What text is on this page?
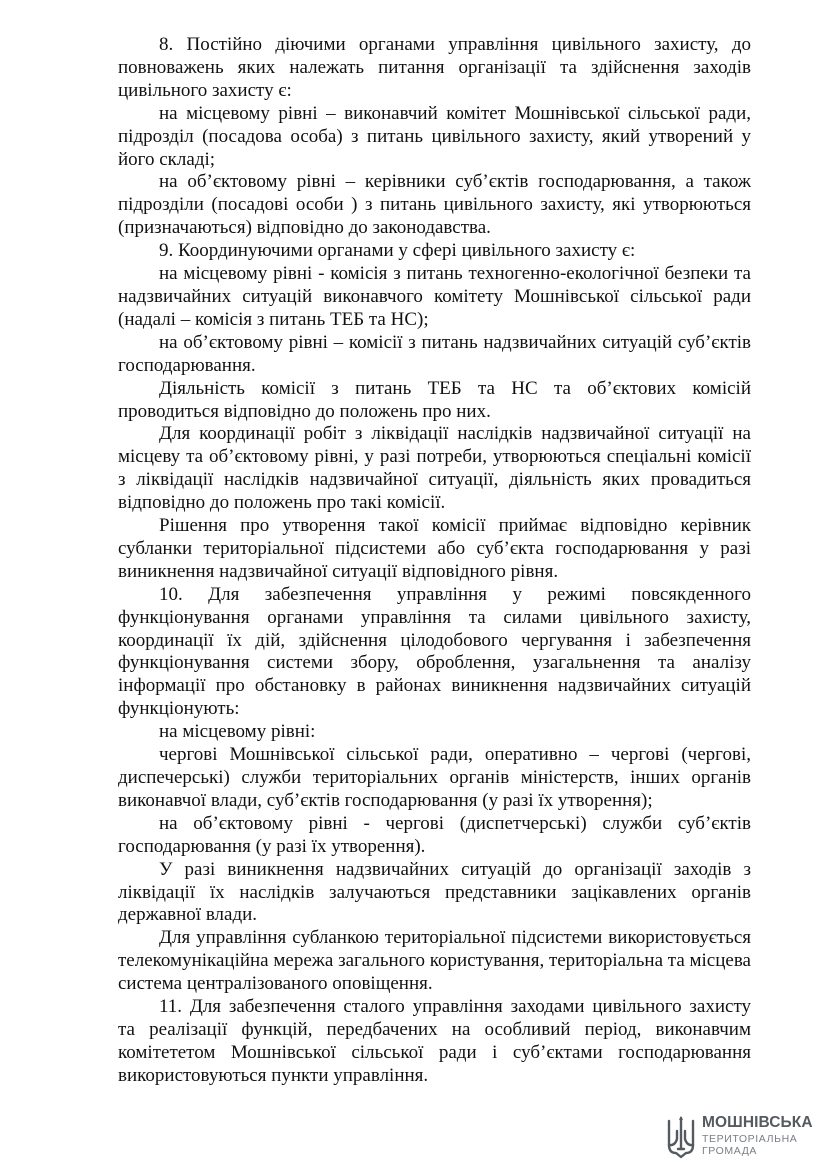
8. Постійно діючими органами управління цивільного захисту, до повноважень яких належать питання організації та здійснення заходів цивільного захисту є:

на місцевому рівні – виконавчий комітет Мошнівської сільської ради, підрозділ (посадова особа) з питань цивільного захисту, який утворений у його складі;

на об’єктовому рівні – керівники суб’єктів господарювання, а також підрозділи (посадові особи ) з питань цивільного захисту, які утворюються (призначаються) відповідно до законодавства.

9. Координуючими органами у сфері цивільного захисту є:

на місцевому рівні - комісія з питань техногенно-екологічної безпеки та надзвичайних ситуацій виконавчого комітету Мошнівської сільської ради (надалі – комісія з питань ТЕБ та НС);

на об’єктовому рівні – комісії з питань надзвичайних ситуацій суб’єктів господарювання.

Діяльність комісії з питань ТЕБ та НС та об’єктових комісій проводиться відповідно до положень про них.

Для координації робіт з ліквідації наслідків надзвичайної ситуації на місцеву та об’єктовому рівні, у разі потреби, утворюються спеціальні комісії з ліквідації наслідків надзвичайної ситуації, діяльність яких провадиться відповідно до положень про такі комісії.

Рішення про утворення такої комісії приймає відповідно керівник субланки територіальної підсистеми або суб’єкта господарювання у разі виникнення надзвичайної ситуації відповідного рівня.

10. Для забезпечення управління у режимі повсякденного функціонування органами управління та силами цивільного захисту, координації їх дій, здійснення цілодобового чергування і забезпечення функціонування системи збору, оброблення, узагальнення та аналізу інформації про обстановку в районах виникнення надзвичайних ситуацій функціонують:

на місцевому рівні:

чергові Мошнівської сільської ради, оперативно – чергові (чергові, диспечерські) служби територіальних органів міністерств, інших органів виконавчої влади, суб’єктів господарювання (у разі їх утворення);

на об’єктовому рівні - чергові (диспетчерські) служби суб’єктів господарювання (у разі їх утворення).

У разі виникнення надзвичайних ситуацій до організації заходів з ліквідації їх наслідків залучаються представники зацікавлених органів державної влади.

Для управління субланкою територіальної підсистеми використовується телекомунікаційна мережа загального користування, територіальна та місцева система централізованого оповіщення.

11. Для забезпечення сталого управління заходами цивільного захисту та реалізації функцій, передбачених на особливий період, виконавчим комітететом Мошнівської сільської ради і суб’єктами господарювання використовуються пункти управління.

МОШНІВСЬКА
ТЕРИТОРІАЛЬНА
ГРОМАДА
